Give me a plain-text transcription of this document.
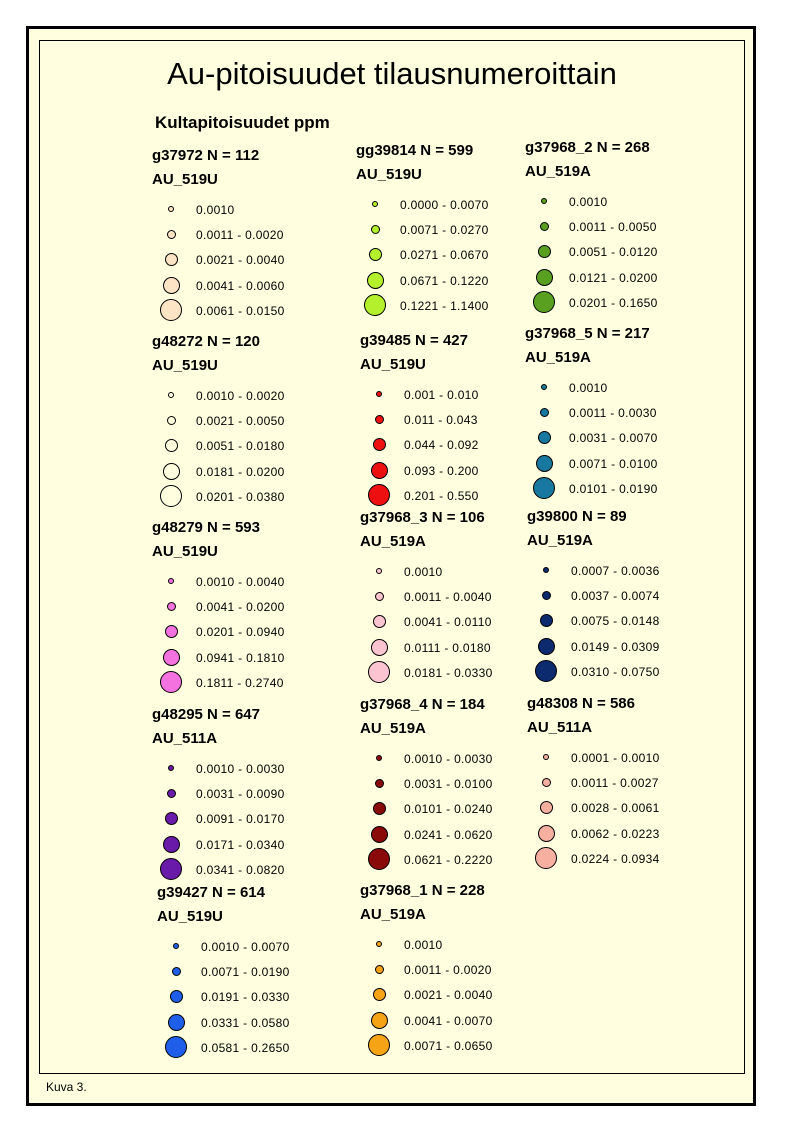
Au-pitoisuudet tilausnumeroittain
Kultapitoisuudet ppm
g37972 N = 112
AU_519U
0.0010
0.0011 - 0.0020
0.0021 - 0.0040
0.0041 - 0.0060
0.0061 - 0.0150
g48272 N = 120
AU_519U
0.0010 - 0.0020
0.0021 - 0.0050
0.0051 - 0.0180
0.0181 - 0.0200
0.0201 - 0.0380
g48279 N = 593
AU_519U
0.0010 - 0.0040
0.0041 - 0.0200
0.0201 - 0.0940
0.0941 - 0.1810
0.1811 - 0.2740
g48295 N = 647
AU_511A
0.0010 - 0.0030
0.0031 - 0.0090
0.0091 - 0.0170
0.0171 - 0.0340
0.0341 - 0.0820
g39427 N = 614
AU_519U
0.0010 - 0.0070
0.0071 - 0.0190
0.0191 - 0.0330
0.0331 - 0.0580
0.0581 - 0.2650
gg39814 N = 599
AU_519U
0.0000 - 0.0070
0.0071 - 0.0270
0.0271 - 0.0670
0.0671 - 0.1220
0.1221 - 1.1400
g39485 N = 427
AU_519U
0.001 - 0.010
0.011 - 0.043
0.044 - 0.092
0.093 - 0.200
0.201 - 0.550
g37968_3 N = 106
AU_519A
0.0010
0.0011 - 0.0040
0.0041 - 0.0110
0.0111 - 0.0180
0.0181 - 0.0330
g37968_4 N = 184
AU_519A
0.0010 - 0.0030
0.0031 - 0.0100
0.0101 - 0.0240
0.0241 - 0.0620
0.0621 - 0.2220
g37968_1 N = 228
AU_519A
0.0010
0.0011 - 0.0020
0.0021 - 0.0040
0.0041 - 0.0070
0.0071 - 0.0650
g37968_2 N = 268
AU_519A
0.0010
0.0011 - 0.0050
0.0051 - 0.0120
0.0121 - 0.0200
0.0201 - 0.1650
g37968_5 N = 217
AU_519A
0.0010
0.0011 - 0.0030
0.0031 - 0.0070
0.0071 - 0.0100
0.0101 - 0.0190
g39800 N = 89
AU_519A
0.0007 - 0.0036
0.0037 - 0.0074
0.0075 - 0.0148
0.0149 - 0.0309
0.0310 - 0.0750
g48308 N = 586
AU_511A
0.0001 - 0.0010
0.0011 - 0.0027
0.0028 - 0.0061
0.0062 - 0.0223
0.0224 - 0.0934
Kuva 3.
